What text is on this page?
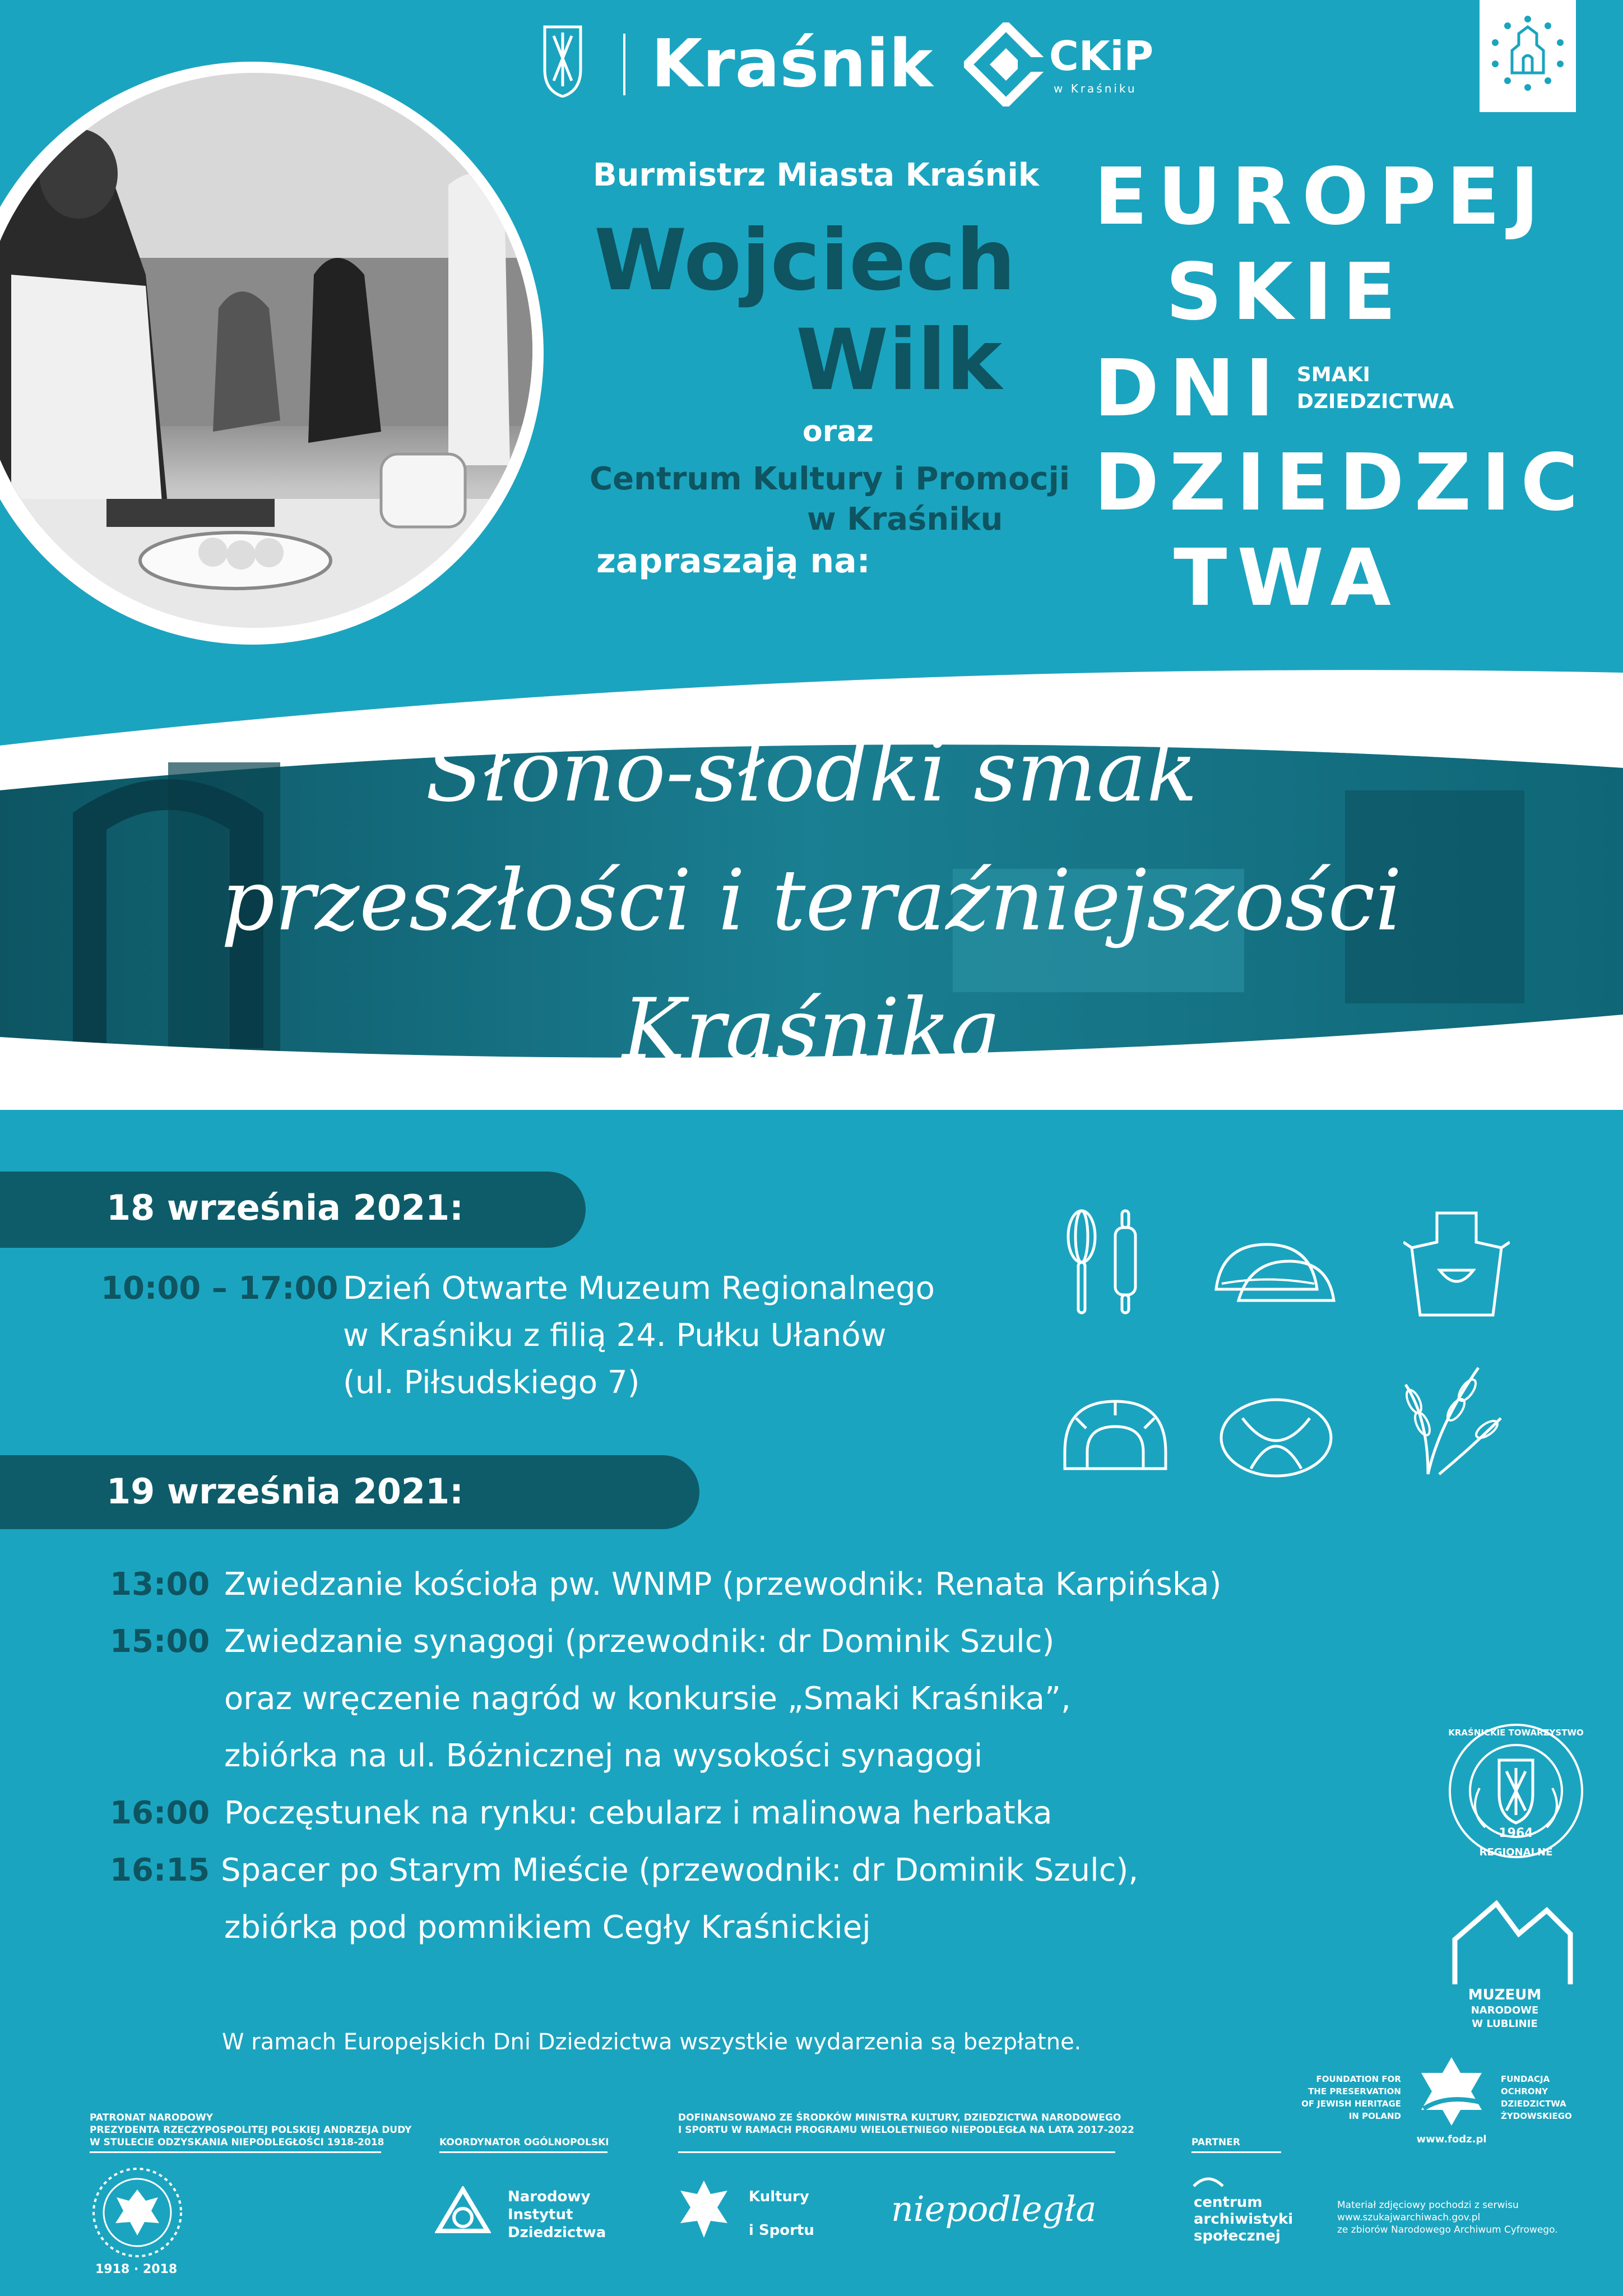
Kraśnik	CKiP
w Kraśniku
Burmistrz Miasta Kraśnik
Wojciech
Wilk
oraz
Centrum Kultury i Promocji
w Kraśniku
zapraszają na:
EUROPEJ
SKIE
DNI SMAKI
DZIEDZICTWA
DZIEDZIC
TWA
Słono-słodki smak
przeszłości i teraźniejszości
Kraśnika
18 września 2021:
10:00 – 17:00 Dzień Otwarte Muzeum Regionalnego
w Kraśniku z filią 24. Pułku Ułanów
(ul. Piłsudskiego 7)
19 września 2021:
13:00 Zwiedzanie kościoła pw. WNMP (przewodnik: Renata Karpińska)
15:00 Zwiedzanie synagogi (przewodnik: dr Dominik Szulc)
oraz wręczenie nagród w konkursie „Smaki Kraśnika”,
zbiórka na ul. Bóżnicznej na wysokości synagogi
16:00 Poczęstunek na rynku: cebularz i malinowa herbatka
16:15 Spacer po Starym Mieście (przewodnik: dr Dominik Szulc),
zbiórka pod pomnikiem Cegły Kraśnickiej
KRAŚNICKIE TOWARZYSTWO
1964
REGIONALNE
MUZEUM
NARODOWE
W LUBLINIE
FOUNDATION FOR
THE PRESERVATION
OF JEWISH HERITAGE
IN POLAND
FUNDACJA
OCHRONY
DZIEDZICTWA
ŻYDOWSKIEGO
www.fodz.pl
W ramach Europejskich Dni Dziedzictwa wszystkie wydarzenia są bezpłatne.
PATRONAT NARODOWY
PREZYDENTA RZECZYPOSPOLITEJ POLSKIEJ ANDRZEJA DUDY
W STULECIE ODZYSKANIA NIEPODLEGŁOŚCI 1918-2018
1918 · 2018
KOORDYNATOR OGÓLNOPOLSKI
Narodowy
Instytut
Dziedzictwa
DOFINANSOWANO ZE ŚRODKÓW MINISTRA KULTURY, DZIEDZICTWA NARODOWEGO
I SPORTU W RAMACH PROGRAMU WIELOLETNIEGO NIEPODLEGŁA NA LATA 2017-2022
Kultury
i Sportu
niepodległa
PARTNER
centrum
archiwistyki
społecznej
Materiał zdjęciowy pochodzi z serwisu
www.szukajwarchiwach.gov.pl
ze zbiorów Narodowego Archiwum Cyfrowego.
